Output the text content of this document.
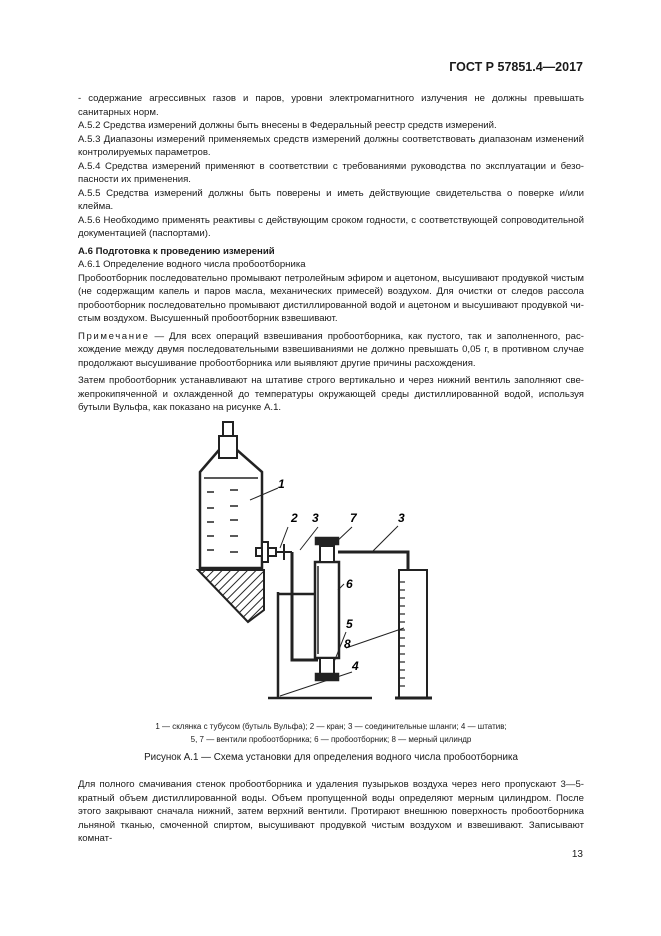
ГОСТ Р 57851.4—2017

- содержание агрессивных газов и паров, уровни электромагнитного излучения не должны превышать санитарных норм.

А.5.2 Средства измерений должны быть внесены в Федеральный реестр средств измерений.

А.5.3 Диапазоны измерений применяемых средств измерений должны соответствовать диапазонам изменений контролируемых параметров.

А.5.4 Средства измерений применяют в соответствии с требованиями руководства по эксплуатации и безопасности их применения.

А.5.5 Средства измерений должны быть поверены и иметь действующие свидетельства о поверке и/или клейма.

А.5.6 Необходимо применять реактивы с действующим сроком годности, с соответствующей сопроводительной документацией (паспортами).

А.6 Подготовка к проведению измерений

А.6.1 Определение водного числа пробоотборника

Пробоотборник последовательно промывают петролейным эфиром и ацетоном, высушивают продувкой чистым (не содержащим капель и паров масла, механических примесей) воздухом. Для очистки от следов рассола пробоотборник последовательно промывают дистиллированной водой и ацетоном и высушивают продувкой чистым воздухом. Высушенный пробоотборник взвешивают.

Примечание — Для всех операций взвешивания пробоотборника, как пустого, так и заполненного, расхождение между двумя последовательными взвешиваниями не должно превышать 0,05 г, в противном случае продолжают высушивание пробоотборника или выявляют другие причины расхождения.

Затем пробоотборник устанавливают на штативе строго вертикально и через нижний вентиль заполняют свежепрокипяченной и охлажденной до температуры окружающей среды дистиллированной водой, используя бутыли Вульфа, как показано на рисунке А.1.

1
2 3	7	3
6
5
8
4
1 — склянка с тубусом (бутыль Вульфа); 2 — кран; 3 — соединительные шланги; 4 — штатив;
5, 7 — вентили пробоотборника; 6 — пробоотборник; 8 — мерный цилиндр
Рисунок А.1 — Схема установки для определения водного числа пробоотборника
Для полного смачивания стенок пробоотборника и удаления пузырьков воздуха через него пропускают 3—5-кратный объем дистиллированной воды. Объем пропущенной воды определяют мерным цилиндром. После этого закрывают сначала нижний, затем верхний вентили. Протирают внешнюю поверхность пробоотборника льняной тканью, смоченной спиртом, высушивают продувкой чистым воздухом и взвешивают. Записывают комнат-
13
